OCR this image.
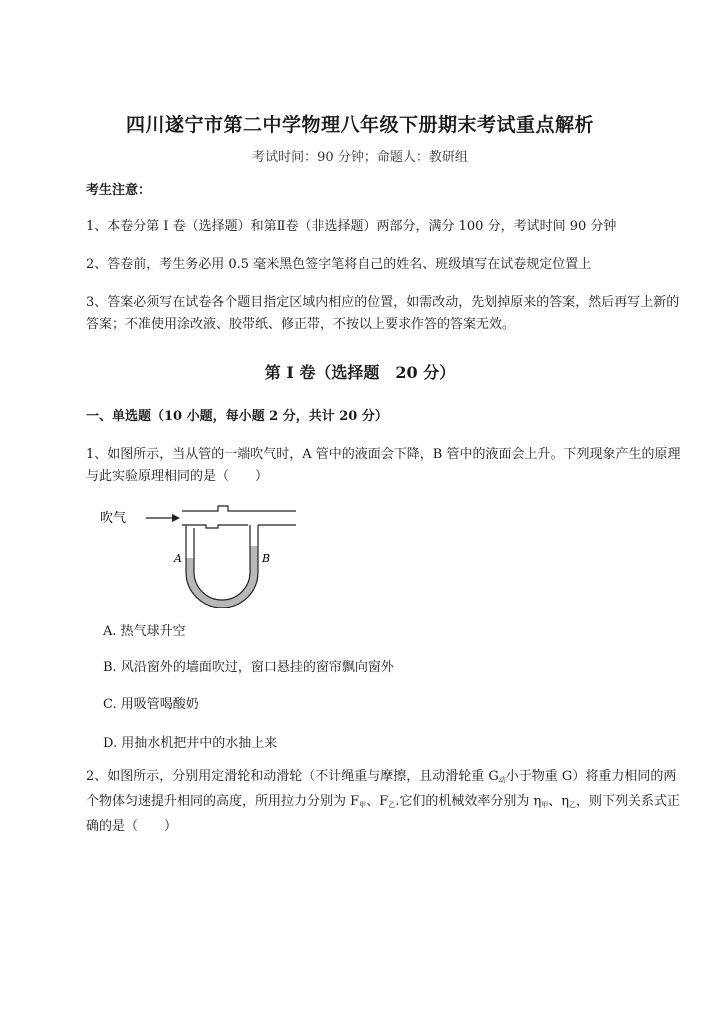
四川遂宁市第二中学物理八年级下册期末考试重点解析
考试时间：90 分钟；命题人：教研组
考生注意：
1、本卷分第 I 卷（选择题）和第Ⅱ卷（非选择题）两部分，满分 100 分，考试时间 90 分钟
2、答卷前，考生务必用 0.5 毫米黑色签字笔将自己的姓名、班级填写在试卷规定位置上
3、答案必须写在试卷各个题目指定区域内相应的位置，如需改动，先划掉原来的答案，然后再写上新的答案；不准使用涂改液、胶带纸、修正带，不按以上要求作答的答案无效。
第 I 卷（选择题　20 分）
一、单选题（10 小题，每小题 2 分，共计 20 分）
1、如图所示，当从管的一端吹气时，A 管中的液面会下降，B 管中的液面会上升。下列现象产生的原理与此实验原理相同的是（　　）
吹气
A	B
A. 热气球升空
B. 风沿窗外的墙面吹过，窗口悬挂的窗帘飘向窗外
C. 用吸管喝酸奶
D. 用抽水机把井中的水抽上来
2、如图所示，分别用定滑轮和动滑轮（不计绳重与摩擦，且动滑轮重 $G_动$小于物重 G）将重力相同的两个物体匀速提升相同的高度，所用拉力分别为 $F_甲$、$F_乙$.它们的机械效率分别为 $\eta_甲$、$\eta_乙$，则下列关系式正确的是（　　）
